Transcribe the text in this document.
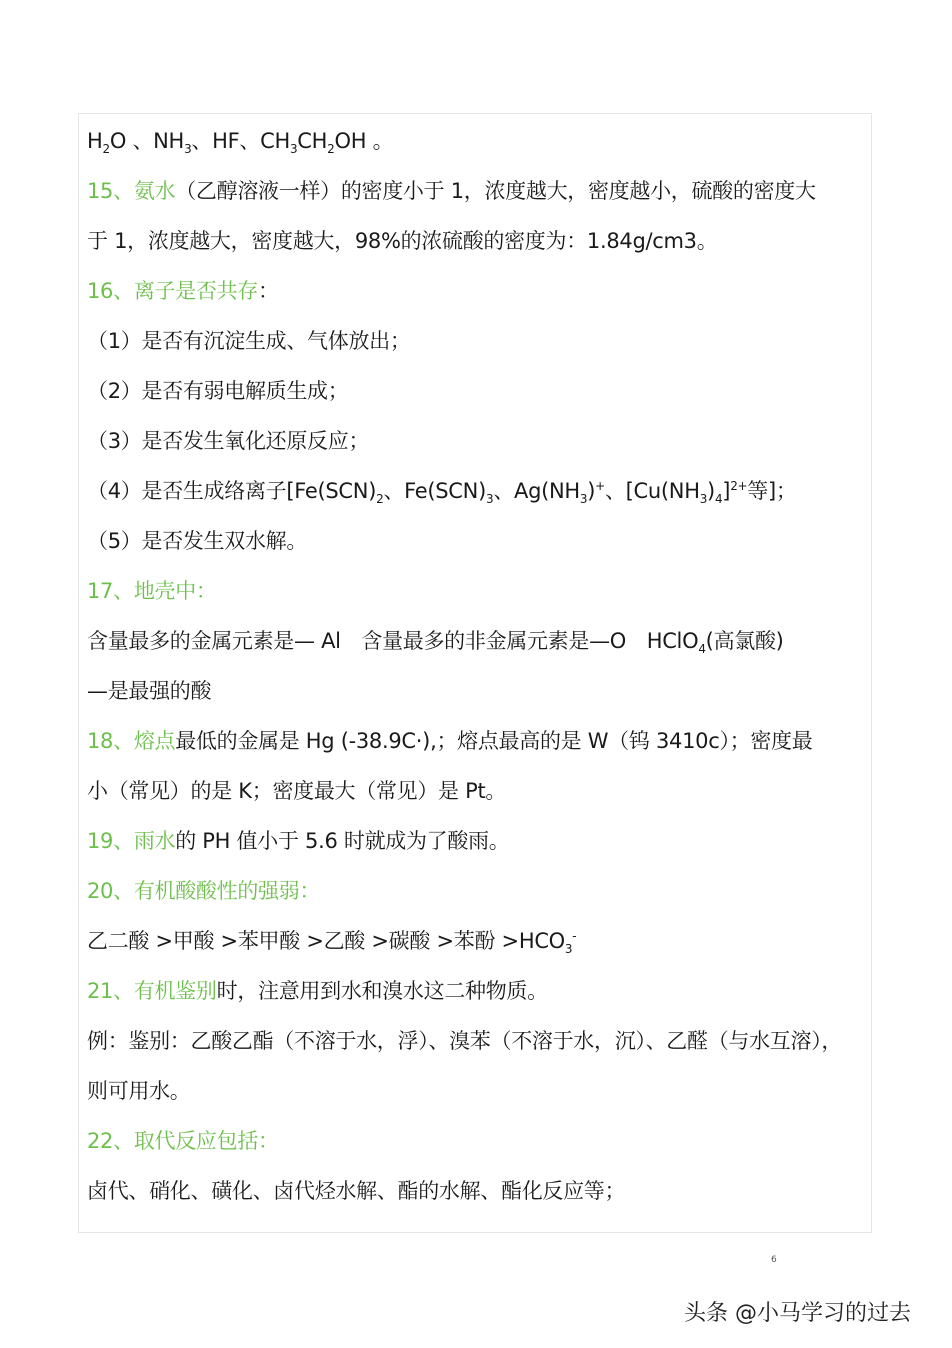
$H_2O$ 、$NH_3$、HF、$CH_3CH_2OH$ 。
15、氨水（乙醇溶液一样）的密度小于 1，浓度越大，密度越小，硫酸的密度大
于 1，浓度越大，密度越大，98%的浓硫酸的密度为：1.84g/cm3。
16、离子是否共存：
（1）是否有沉淀生成、气体放出；
（2）是否有弱电解质生成；
（3）是否发生氧化还原反应；
（4）是否生成络离子[$Fe(SCN)_2$、$Fe(SCN)_3$、$Ag(NH_3)^+$、$[Cu(NH_3)_4]^{2+}$等]；
（5）是否发生双水解。
17、地壳中：
含量最多的金属元素是— Al　含量最多的非金属元素是—O　HClO$_4$(高氯酸)
—是最强的酸
18、熔点最低的金属是 Hg (-38.9C·),；熔点最高的是 W（钨 3410c）；密度最
小（常见）的是 K；密度最大（常见）是 Pt。
19、雨水的 PH 值小于 5.6 时就成为了酸雨。
20、有机酸酸性的强弱：
乙二酸 >甲酸 >苯甲酸 >乙酸 >碳酸 >苯酚 $>HCO_3^-$
21、有机鉴别时，注意用到水和溴水这二种物质。
例：鉴别：乙酸乙酯（不溶于水，浮）、溴苯（不溶于水，沉）、乙醛（与水互溶），
则可用水。
22、取代反应包括：
卤代、硝化、磺化、卤代烃水解、酯的水解、酯化反应等；
6
头条 @小马学习的过去
